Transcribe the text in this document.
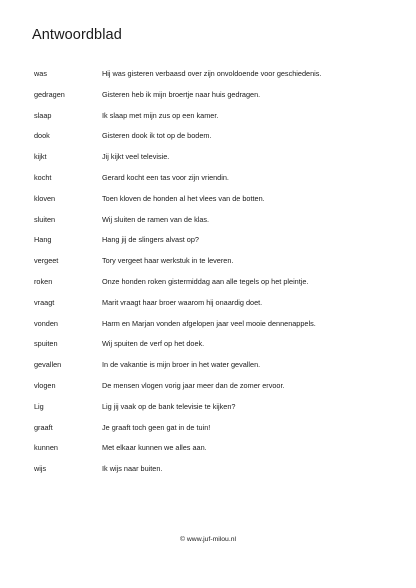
Antwoordblad
was	Hij was gisteren verbaasd over zijn onvoldoende voor geschiedenis.
gedragen	Gisteren heb ik mijn broertje naar huis gedragen.
slaap	Ik slaap met mijn zus op een kamer.
dook	Gisteren dook ik tot op de bodem.
kijkt	Jij kijkt veel televisie.
kocht	Gerard kocht een tas voor zijn vriendin.
kloven	Toen kloven de honden al het vlees van de botten.
sluiten	Wij sluiten de ramen van de klas.
Hang	Hang jij de slingers alvast op?
vergeet	Tory vergeet haar werkstuk in te leveren.
roken	Onze honden roken gistermiddag aan alle tegels op het pleintje.
vraagt	Marit vraagt haar broer waarom hij onaardig doet.
vonden	Harm en Marjan vonden afgelopen jaar veel mooie dennenappels.
spuiten	Wij spuiten de verf op het doek.
gevallen	In de vakantie is mijn broer in het water gevallen.
vlogen	De mensen vlogen vorig jaar meer dan de zomer ervoor.
Lig	Lig jij vaak op de bank televisie te kijken?
graaft	Je graaft toch geen gat in de tuin!
kunnen	Met elkaar kunnen we alles aan.
wijs	Ik wijs naar buiten.
© www.juf-milou.nl
